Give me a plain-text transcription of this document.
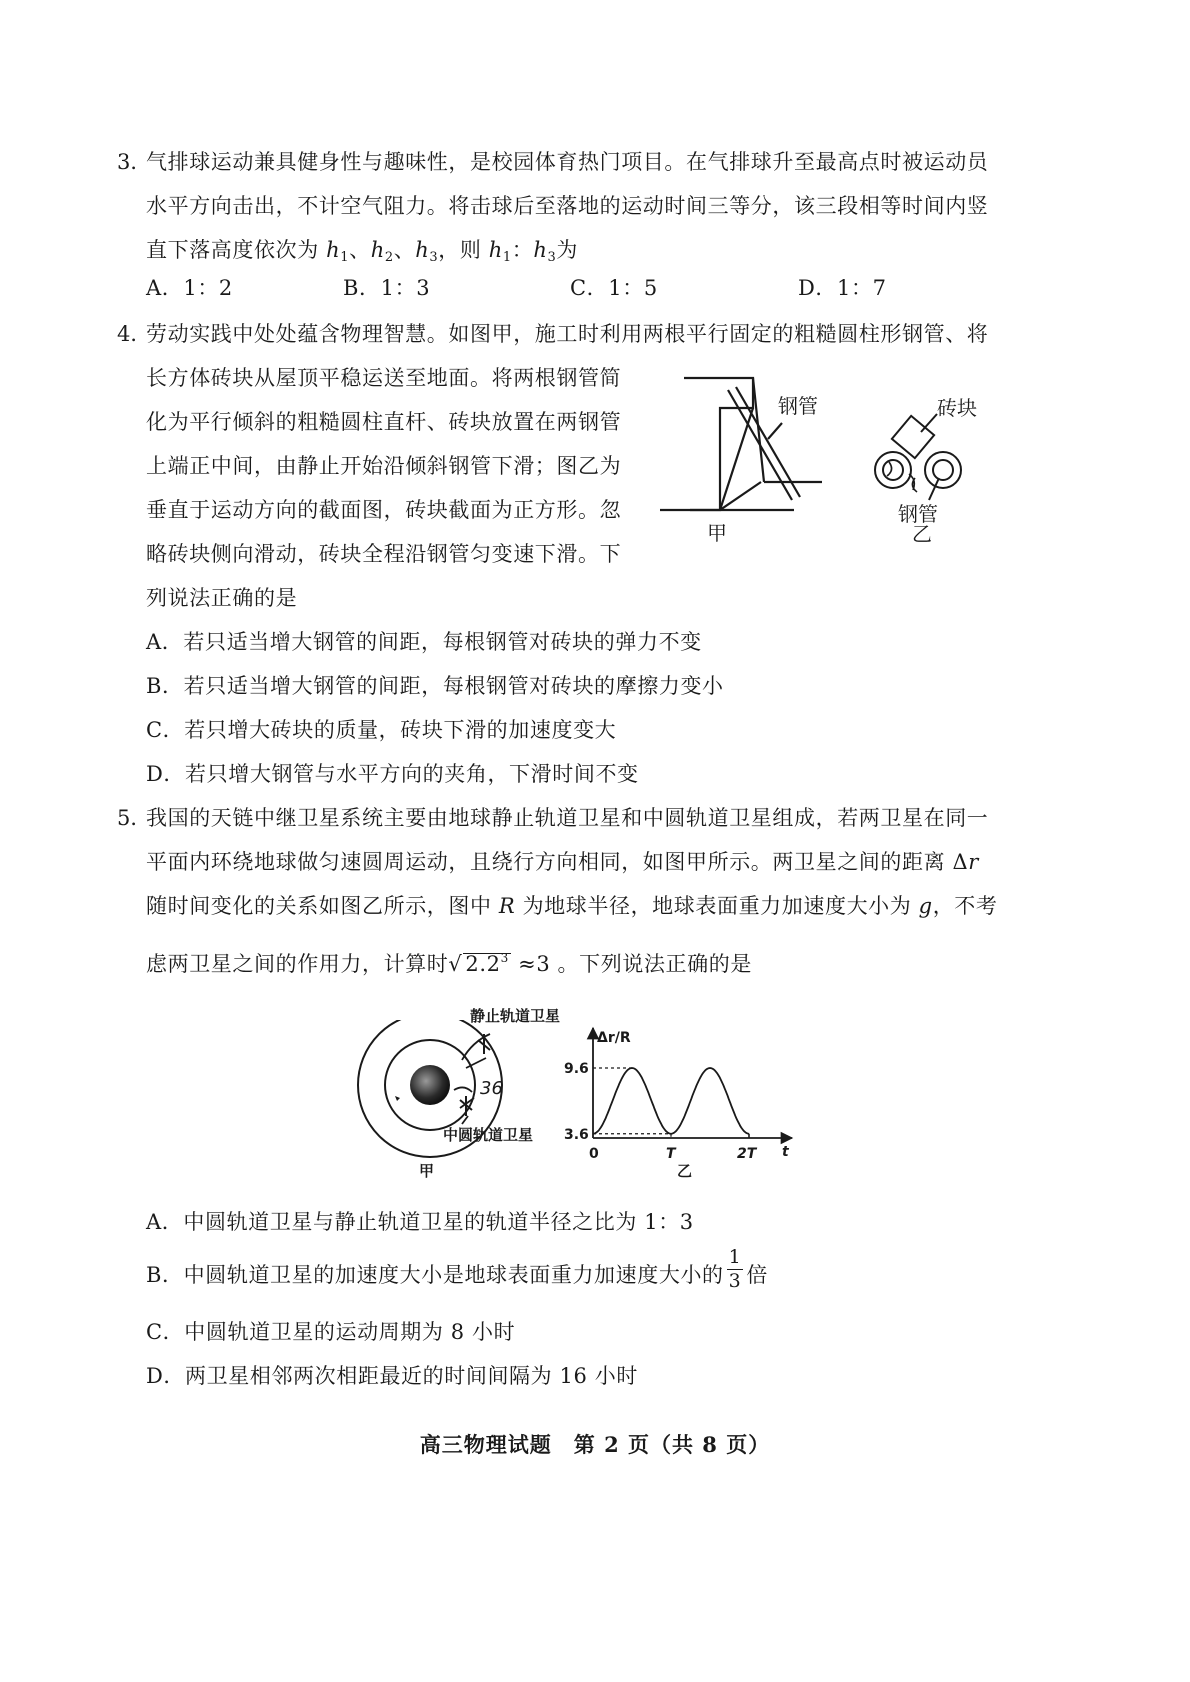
3．
气排球运动兼具健身性与趣味性，是校园体育热门项目。在气排球升至最高点时被运动员
水平方向击出，不计空气阻力。将击球后至落地的运动时间三等分，该三段相等时间内竖
直下落高度依次为 $h_1$、$h_2$、$h_3$，则 $h_1$：$h_3$为
A．1：2	B．1：3	C．1：5	D．1：7
4．
劳动实践中处处蕴含物理智慧。如图甲，施工时利用两根平行固定的粗糙圆柱形钢管、将
长方体砖块从屋顶平稳运送至地面。将两根钢管简
化为平行倾斜的粗糙圆柱直杆、砖块放置在两钢管
上端正中间，由静止开始沿倾斜钢管下滑；图乙为
垂直于运动方向的截面图，砖块截面为正方形。忽
略砖块侧向滑动，砖块全程沿钢管匀变速下滑。下
列说法正确的是
钢管
甲
砖块
钢管
乙
A．若只适当增大钢管的间距，每根钢管对砖块的弹力不变
B．若只适当增大钢管的间距，每根钢管对砖块的摩擦力变小
C．若只增大砖块的质量，砖块下滑的加速度变大
D．若只增大钢管与水平方向的夹角，下滑时间不变
5．
我国的天链中继卫星系统主要由地球静止轨道卫星和中圆轨道卫星组成，若两卫星在同一
平面内环绕地球做匀速圆周运动，且绕行方向相同，如图甲所示。两卫星之间的距离 Δr
随时间变化的关系如图乙所示，图中 R 为地球半径，地球表面重力加速度大小为 g，不考
虑两卫星之间的作用力，计算时√ $2.2^3 \approx 3$ 。下列说法正确的是
静止轨道卫星
中圆轨道卫星
36
甲
Δr/R
9.6
3.6
0	T	2T t
乙
A．中圆轨道卫星与静止轨道卫星的轨道半径之比为 1：3
B．中圆轨道卫星的加速度大小是地球表面重力加速度大小的 $\frac{1}{3}$ 倍
C．中圆轨道卫星的运动周期为 8 小时
D．两卫星相邻两次相距最近的时间间隔为 16 小时
高三物理试题　第 2 页（共 8 页）
